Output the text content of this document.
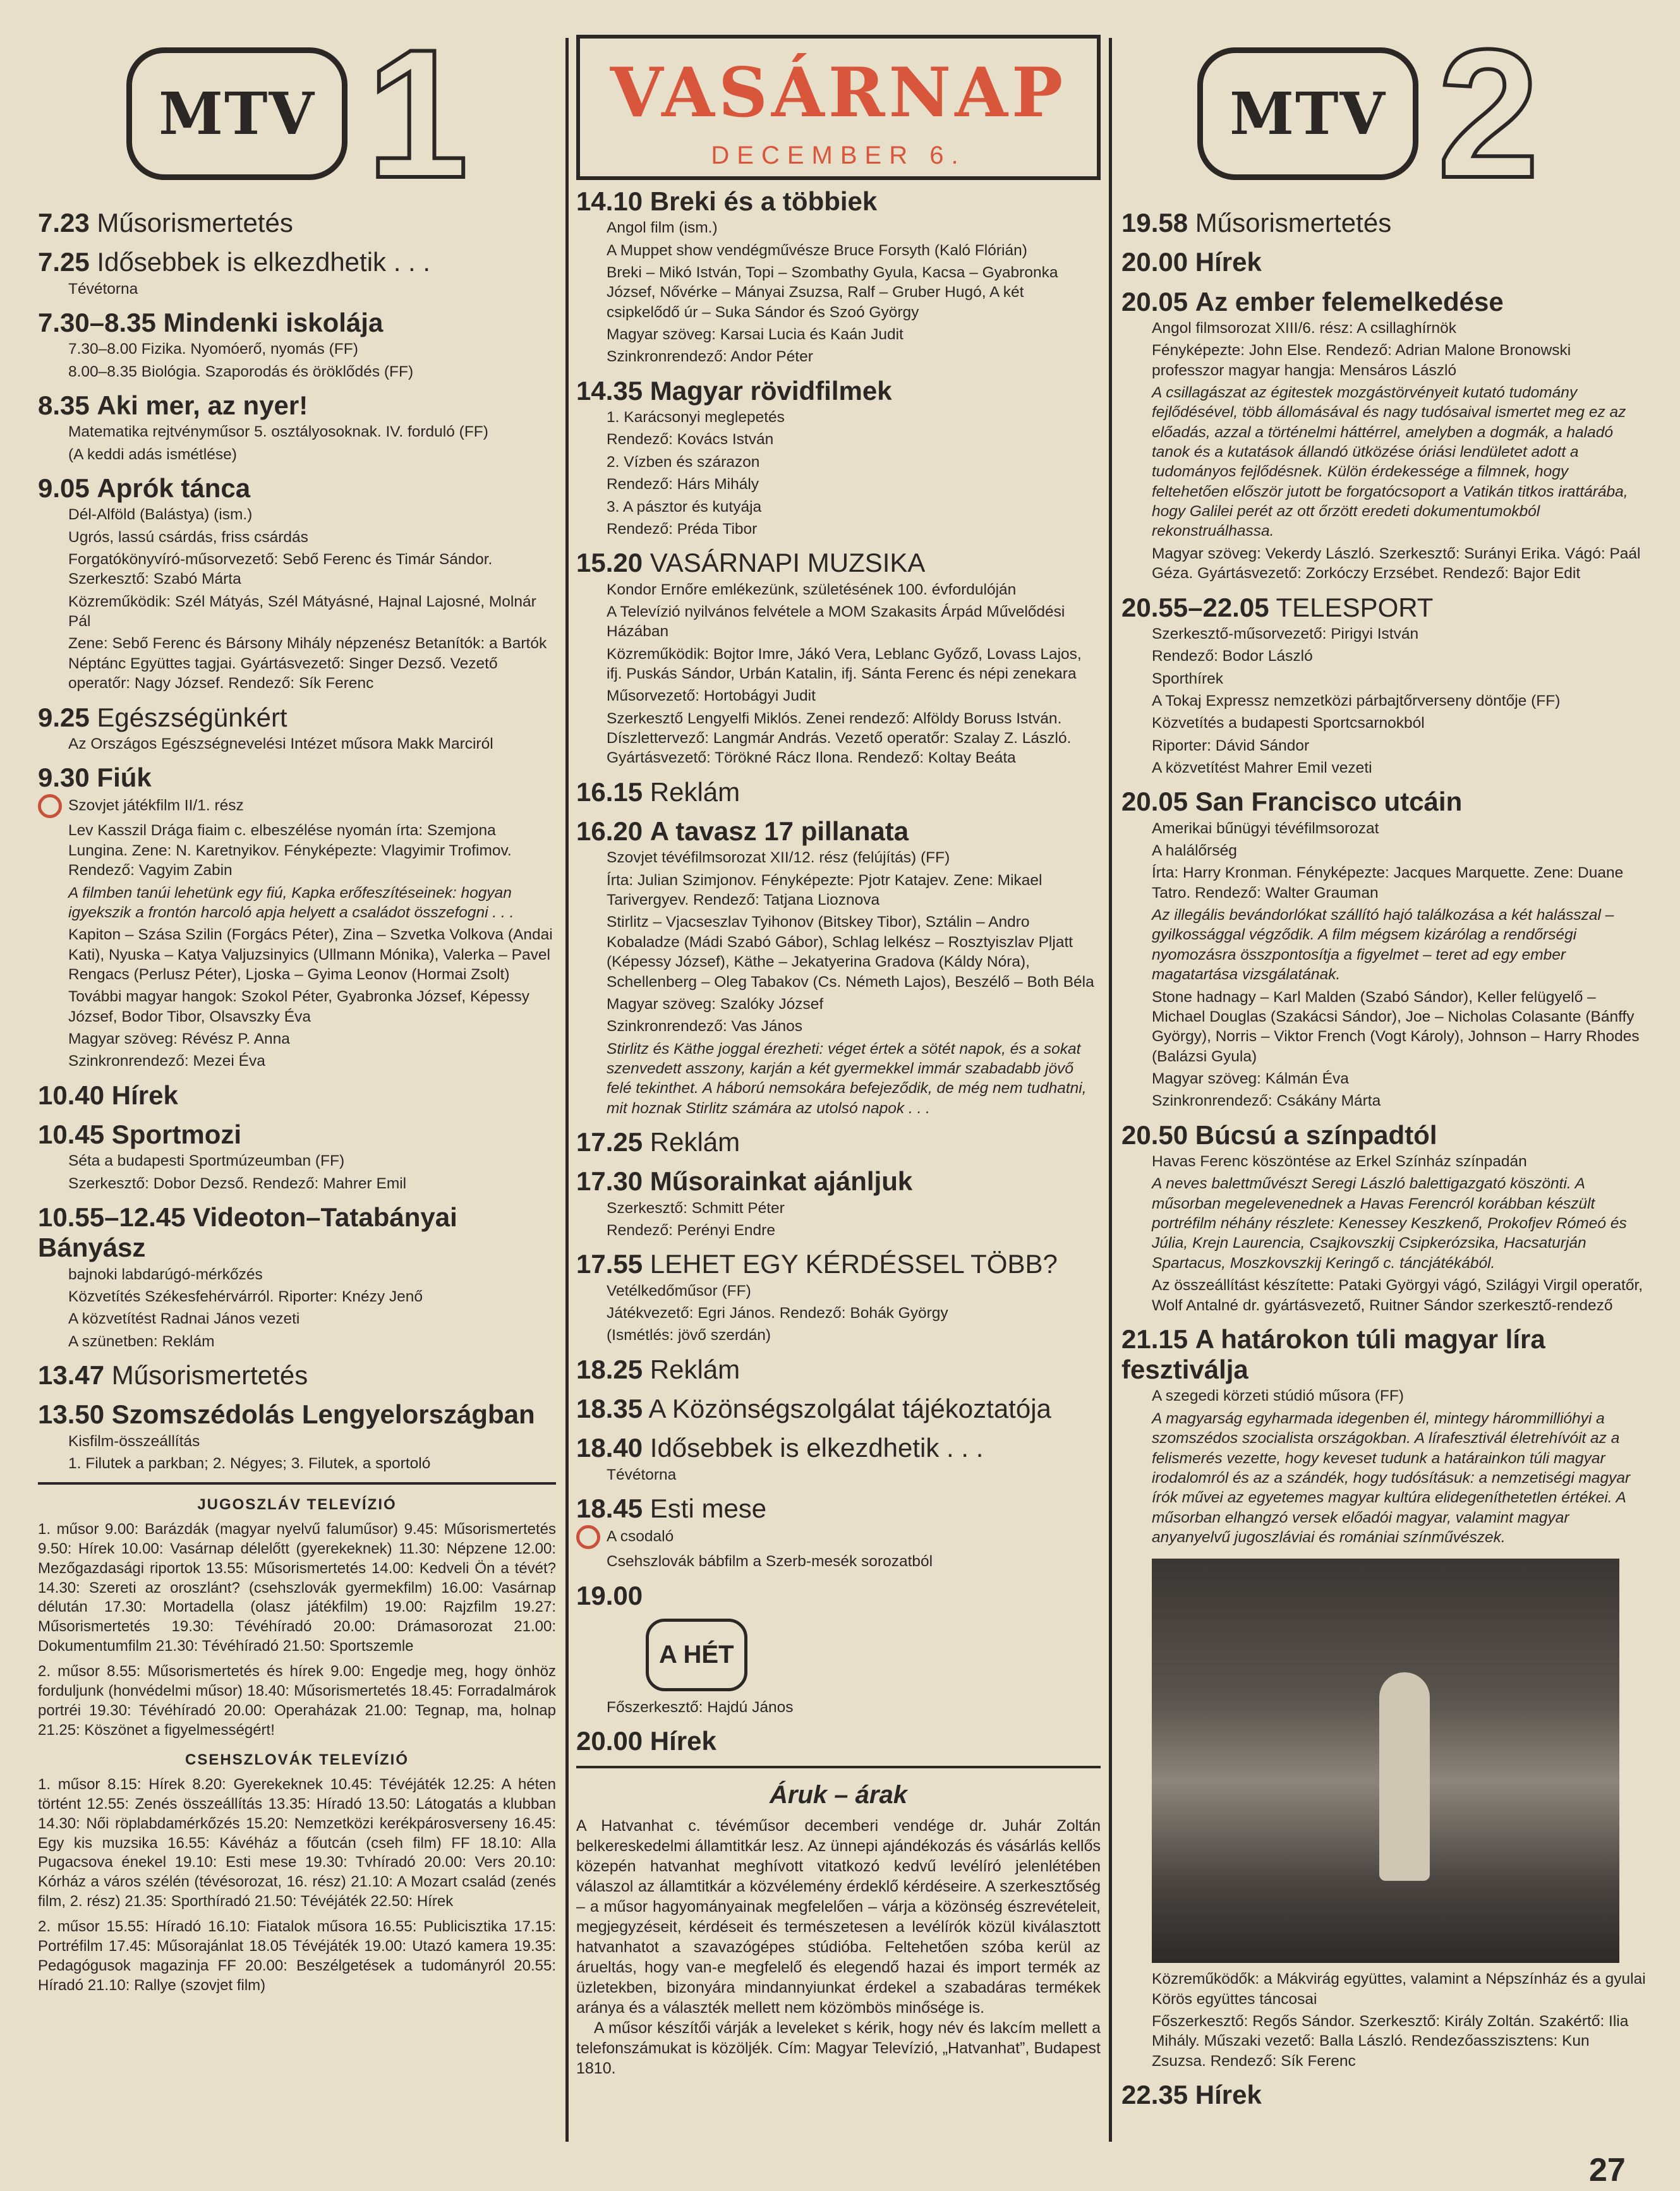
MTV 1
7.23 Műsorismertetés
7.25 Idősebbek is elkezdhetik . . .

Tévétorna

7.30–8.35 Mindenki iskolája

7.30–8.00 Fizika. Nyomóerő, nyomás (FF)

8.00–8.35 Biológia. Szaporodás és öröklődés (FF)

8.35 Aki mer, az nyer!

Matematika rejtvényműsor 5. osztályosoknak. IV. forduló (FF)

(A keddi adás ismétlése)

9.05 Aprók tánca

Dél-Alföld (Balástya) (ism.)

Ugrós, lassú csárdás, friss csárdás

Forgatókönyvíró-műsorvezető: Sebő Ferenc és Timár Sándor. Szerkesztő: Szabó Márta

Közreműködik: Szél Mátyás, Szél Mátyásné, Hajnal Lajosné, Molnár Pál

Zene: Sebő Ferenc és Bársony Mihály népzenész Betanítók: a Bartók Néptánc Együttes tagjai. Gyártásvezető: Singer Dezső. Vezető operatőr: Nagy József. Rendező: Sík Ferenc

9.25 Egészségünkért

Az Országos Egészségnevelési Intézet műsora Makk Marciról

9.30 Fiúk

Szovjet játékfilm II/1. rész

Lev Kasszil Drága fiaim c. elbeszélése nyomán írta: Szemjona Lungina. Zene: N. Karetnyikov. Fényképezte: Vlagyimir Trofimov. Rendező: Vagyim Zabin

A filmben tanúi lehetünk egy fiú, Kapka erőfeszítéseinek: hogyan igyekszik a frontón harcoló apja helyett a családot összefogni . . .

Kapiton – Szása Szilin (Forgács Péter), Zina – Szvetka Volkova (Andai Kati), Nyuska – Katya Valjuzsinyics (Ullmann Mónika), Valerka – Pavel Rengacs (Perlusz Péter), Ljoska – Gyima Leonov (Hormai Zsolt)

További magyar hangok: Szokol Péter, Gyabronka József, Képessy József, Bodor Tibor, Olsavszky Éva

Magyar szöveg: Révész P. Anna

Szinkronrendező: Mezei Éva

10.40 Hírek
10.45 Sportmozi

Séta a budapesti Sportmúzeumban (FF)

Szerkesztő: Dobor Dezső. Rendező: Mahrer Emil

10.55–12.45 Videoton–Tatabányai Bányász

bajnoki labdarúgó-mérkőzés

Közvetítés Székesfehérvárról. Riporter: Knézy Jenő

A közvetítést Radnai János vezeti

A szünetben: Reklám

13.47 Műsorismertetés
13.50 Szomszédolás Lengyelországban

Kisfilm-összeállítás

1. Filutek a parkban; 2. Négyes; 3. Filutek, a sportoló

JUGOSZLÁV TELEVÍZIÓ

1. műsor 9.00: Barázdák (magyar nyelvű faluműsor) 9.45: Műsorismertetés 9.50: Hírek 10.00: Vasárnap délelőtt (gyerekeknek) 11.30: Népzene 12.00: Mezőgazdasági riportok 13.55: Műsorismertetés 14.00: Kedveli Ön a tévét? 14.30: Szereti az oroszlánt? (csehszlovák gyermekfilm) 16.00: Vasárnap délután 17.30: Mortadella (olasz játékfilm) 19.00: Rajzfilm 19.27: Műsorismertetés 19.30: Tévéhíradó 20.00: Drámasorozat 21.00: Dokumentumfilm 21.30: Tévéhíradó 21.50: Sportszemle

2. műsor 8.55: Műsorismertetés és hírek 9.00: Engedje meg, hogy önhöz forduljunk (honvédelmi műsor) 18.40: Műsorismertetés 18.45: Forradalmárok portréi 19.30: Tévéhíradó 20.00: Operaházak 21.00: Tegnap, ma, holnap 21.25: Köszönet a figyelmességért!

CSEHSZLOVÁK TELEVÍZIÓ

1. műsor 8.15: Hírek 8.20: Gyerekeknek 10.45: Tévéjáték 12.25: A héten történt 12.55: Zenés összeállítás 13.35: Híradó 13.50: Látogatás a klubban 14.30: Női röplabdamérkőzés 15.20: Nemzetközi kerékpárosverseny 16.45: Egy kis muzsika 16.55: Kávéház a főutcán (cseh film) FF 18.10: Alla Pugacsova énekel 19.10: Esti mese 19.30: Tvhíradó 20.00: Vers 20.10: Kórház a város szélén (tévésorozat, 16. rész) 21.10: A Mozart család (zenés film, 2. rész) 21.35: Sporthíradó 21.50: Tévéjáték 22.50: Hírek

2. műsor 15.55: Híradó 16.10: Fiatalok műsora 16.55: Publicisztika 17.15: Portréfilm 17.45: Műsorajánlat 18.05 Tévéjáték 19.00: Utazó kamera 19.35: Pedagógusok magazinja FF 20.00: Beszélgetések a tudományról 20.55: Híradó 21.10: Rallye (szovjet film)

VASÁRNAP
DECEMBER 6.
14.10 Breki és a többiek

Angol film (ism.)

A Muppet show vendégművésze Bruce Forsyth (Kaló Flórián)

Breki – Mikó István, Topi – Szombathy Gyula, Kacsa – Gyabronka József, Nővérke – Mányai Zsuzsa, Ralf – Gruber Hugó, A két csipkelődő úr – Suka Sándor és Szoó György

Magyar szöveg: Karsai Lucia és Kaán Judit

Szinkronrendező: Andor Péter

14.35 Magyar rövidfilmek

1. Karácsonyi meglepetés

Rendező: Kovács István

2. Vízben és szárazon

Rendező: Hárs Mihály

3. A pásztor és kutyája

Rendező: Préda Tibor

15.20 VASÁRNAPI MUZSIKA

Kondor Ernőre emlékezünk, születésének 100. évfordulóján

A Televízió nyilvános felvétele a MOM Szakasits Árpád Művelődési Házában

Közreműködik: Bojtor Imre, Jákó Vera, Leblanc Győző, Lovass Lajos, ifj. Puskás Sándor, Urbán Katalin, ifj. Sánta Ferenc és népi zenekara

Műsorvezető: Hortobágyi Judit

Szerkesztő Lengyelfi Miklós. Zenei rendező: Alföldy Boruss István. Díszlettervező: Langmár András. Vezető operatőr: Szalay Z. László. Gyártásvezető: Törökné Rácz Ilona. Rendező: Koltay Beáta

16.15 Reklám
16.20 A tavasz 17 pillanata

Szovjet tévéfilmsorozat XII/12. rész (felújítás) (FF)

Írta: Julian Szimjonov. Fényképezte: Pjotr Katajev. Zene: Mikael Tarivergyev. Rendező: Tatjana Lioznova

Stirlitz – Vjacseszlav Tyihonov (Bitskey Tibor), Sztálin – Andro Kobaladze (Mádi Szabó Gábor), Schlag lelkész – Rosztyiszlav Pljatt (Képessy József), Käthe – Jekatyerina Gradova (Káldy Nóra), Schellenberg – Oleg Tabakov (Cs. Németh Lajos), Beszélő – Both Béla

Magyar szöveg: Szalóky József

Szinkronrendező: Vas János

Stirlitz és Käthe joggal érezheti: véget értek a sötét napok, és a sokat szenvedett asszony, karján a két gyermekkel immár szabadabb jövő felé tekinthet. A háború nemsokára befejeződik, de még nem tudhatni, mit hoznak Stirlitz számára az utolsó napok . . .

17.25 Reklám
17.30 Műsorainkat ajánljuk

Szerkesztő: Schmitt Péter

Rendező: Perényi Endre

17.55 LEHET EGY KÉRDÉSSEL TÖBB?

Vetélkedőműsor (FF)

Játékvezető: Egri János. Rendező: Bohák György

(Ismétlés: jövő szerdán)

18.25 Reklám
18.35 A Közönségszolgálat tájékoztatója
18.40 Idősebbek is elkezdhetik . . .

Tévétorna

18.45 Esti mese

A csodaló

Csehszlovák bábfilm a Szerb-mesék sorozatból

19.00
A HÉT

Főszerkesztő: Hajdú János

20.00 Hírek
Áruk – árak

A Hatvanhat c. tévéműsor decemberi vendége dr. Juhár Zoltán belkereskedelmi államtitkár lesz. Az ünnepi ajándékozás és vásárlás kellős közepén hatvanhat meghívott vitatkozó kedvű levélíró jelenlétében válaszol az államtitkár a közvélemény érdeklő kérdéseire. A szerkesztőség – a műsor hagyományainak megfelelően – várja a közönség észrevételeit, megjegyzéseit, kérdéseit és természetesen a levélírók közül kiválasztott hatvanhatot a szavazógépes stúdióba. Feltehetően szóba kerül az árueltás, hogy van-e megfelelő és elegendő hazai és import termék az üzletekben, bizonyára mindannyiunkat érdekel a szabadáras termékek aránya és a választék mellett nem közömbös minősége is.

A műsor készítői várják a leveleket s kérik, hogy név és lakcím mellett a telefonszámukat is közöljék. Cím: Magyar Televízió, „Hatvanhat”, Budapest 1810.

MTV 2
19.58 Műsorismertetés
20.00 Hírek
20.05 Az ember felemelkedése

Angol filmsorozat XIII/6. rész: A csillaghírnök

Fényképezte: John Else. Rendező: Adrian Malone Bronowski professzor magyar hangja: Mensáros László

A csillagászat az égitestek mozgástörvényeit kutató tudomány fejlődésével, több állomásával és nagy tudósaival ismertet meg ez az előadás, azzal a történelmi háttérrel, amelyben a dogmák, a haladó tanok és a kutatások állandó ütközése óriási lendületet adott a tudományos fejlődésnek. Külön érdekessége a filmnek, hogy feltehetően először jutott be forgatócsoport a Vatikán titkos irattárába, hogy Galilei perét az ott őrzött eredeti dokumentumokból rekonstruálhassa.

Magyar szöveg: Vekerdy László. Szerkesztő: Surányi Erika. Vágó: Paál Géza. Gyártásvezető: Zorkóczy Erzsébet. Rendező: Bajor Edit

20.55–22.05 TELESPORT

Szerkesztő-műsorvezető: Pirigyi István

Rendező: Bodor László

Sporthírek

A Tokaj Expressz nemzetközi párbajtőrverseny döntője (FF)

Közvetítés a budapesti Sportcsarnokból

Riporter: Dávid Sándor

A közvetítést Mahrer Emil vezeti

20.05 San Francisco utcáin

Amerikai bűnügyi tévéfilmsorozat

A halálőrség

Írta: Harry Kronman. Fényképezte: Jacques Marquette. Zene: Duane Tatro. Rendező: Walter Grauman

Az illegális bevándorlókat szállító hajó találkozása a két halásszal – gyilkossággal végződik. A film mégsem kizárólag a rendőrségi nyomozásra összpontosítja a figyelmet – teret ad egy ember magatartása vizsgálatának.

Stone hadnagy – Karl Malden (Szabó Sándor), Keller felügyelő – Michael Douglas (Szakácsi Sándor), Joe – Nicholas Colasante (Bánffy György), Norris – Viktor French (Vogt Károly), Johnson – Harry Rhodes (Balázsi Gyula)

Magyar szöveg: Kálmán Éva

Szinkronrendező: Csákány Márta

20.50 Búcsú a színpadtól

Havas Ferenc köszöntése az Erkel Színház színpadán

A neves balettművészt Seregi László balettigazgató köszönti. A műsorban megelevenednek a Havas Ferencról korábban készült portréfilm néhány részlete: Kenessey Keszkenő, Prokofjev Rómeó és Júlia, Krejn Laurencia, Csajkovszkij Csipkerózsika, Hacsaturján Spartacus, Moszkovszkij Keringő c. táncjátékából.

Az összeállítást készítette: Pataki Györgyi vágó, Szilágyi Virgil operatőr, Wolf Antalné dr. gyártásvezető, Ruitner Sándor szerkesztő-rendező

21.15 A határokon túli magyar líra fesztiválja

A szegedi körzeti stúdió műsora (FF)

A magyarság egyharmada idegenben él, mintegy hárommillióhyi a szomszédos szocialista országokban. A lírafesztivál életrehívóit az a felismerés vezette, hogy keveset tudunk a határainkon túli magyar irodalomról és az a szándék, hogy tudósításuk: a nemzetiségi magyar írók művei az egyetemes magyar kultúra elidegeníthetetlen értékei. A műsorban elhangzó versek előadói magyar, valamint magyar anyanyelvű jugoszláviai és romániai színművészek.

Közreműködők: a Mákvirág együttes, valamint a Népszínház és a gyulai Körös együttes táncosai

Főszerkesztő: Regős Sándor. Szerkesztő: Király Zoltán. Szakértő: Ilia Mihály. Műszaki vezető: Balla László. Rendezőasszisztens: Kun Zsuzsa. Rendező: Sík Ferenc

22.35 Hírek
27
